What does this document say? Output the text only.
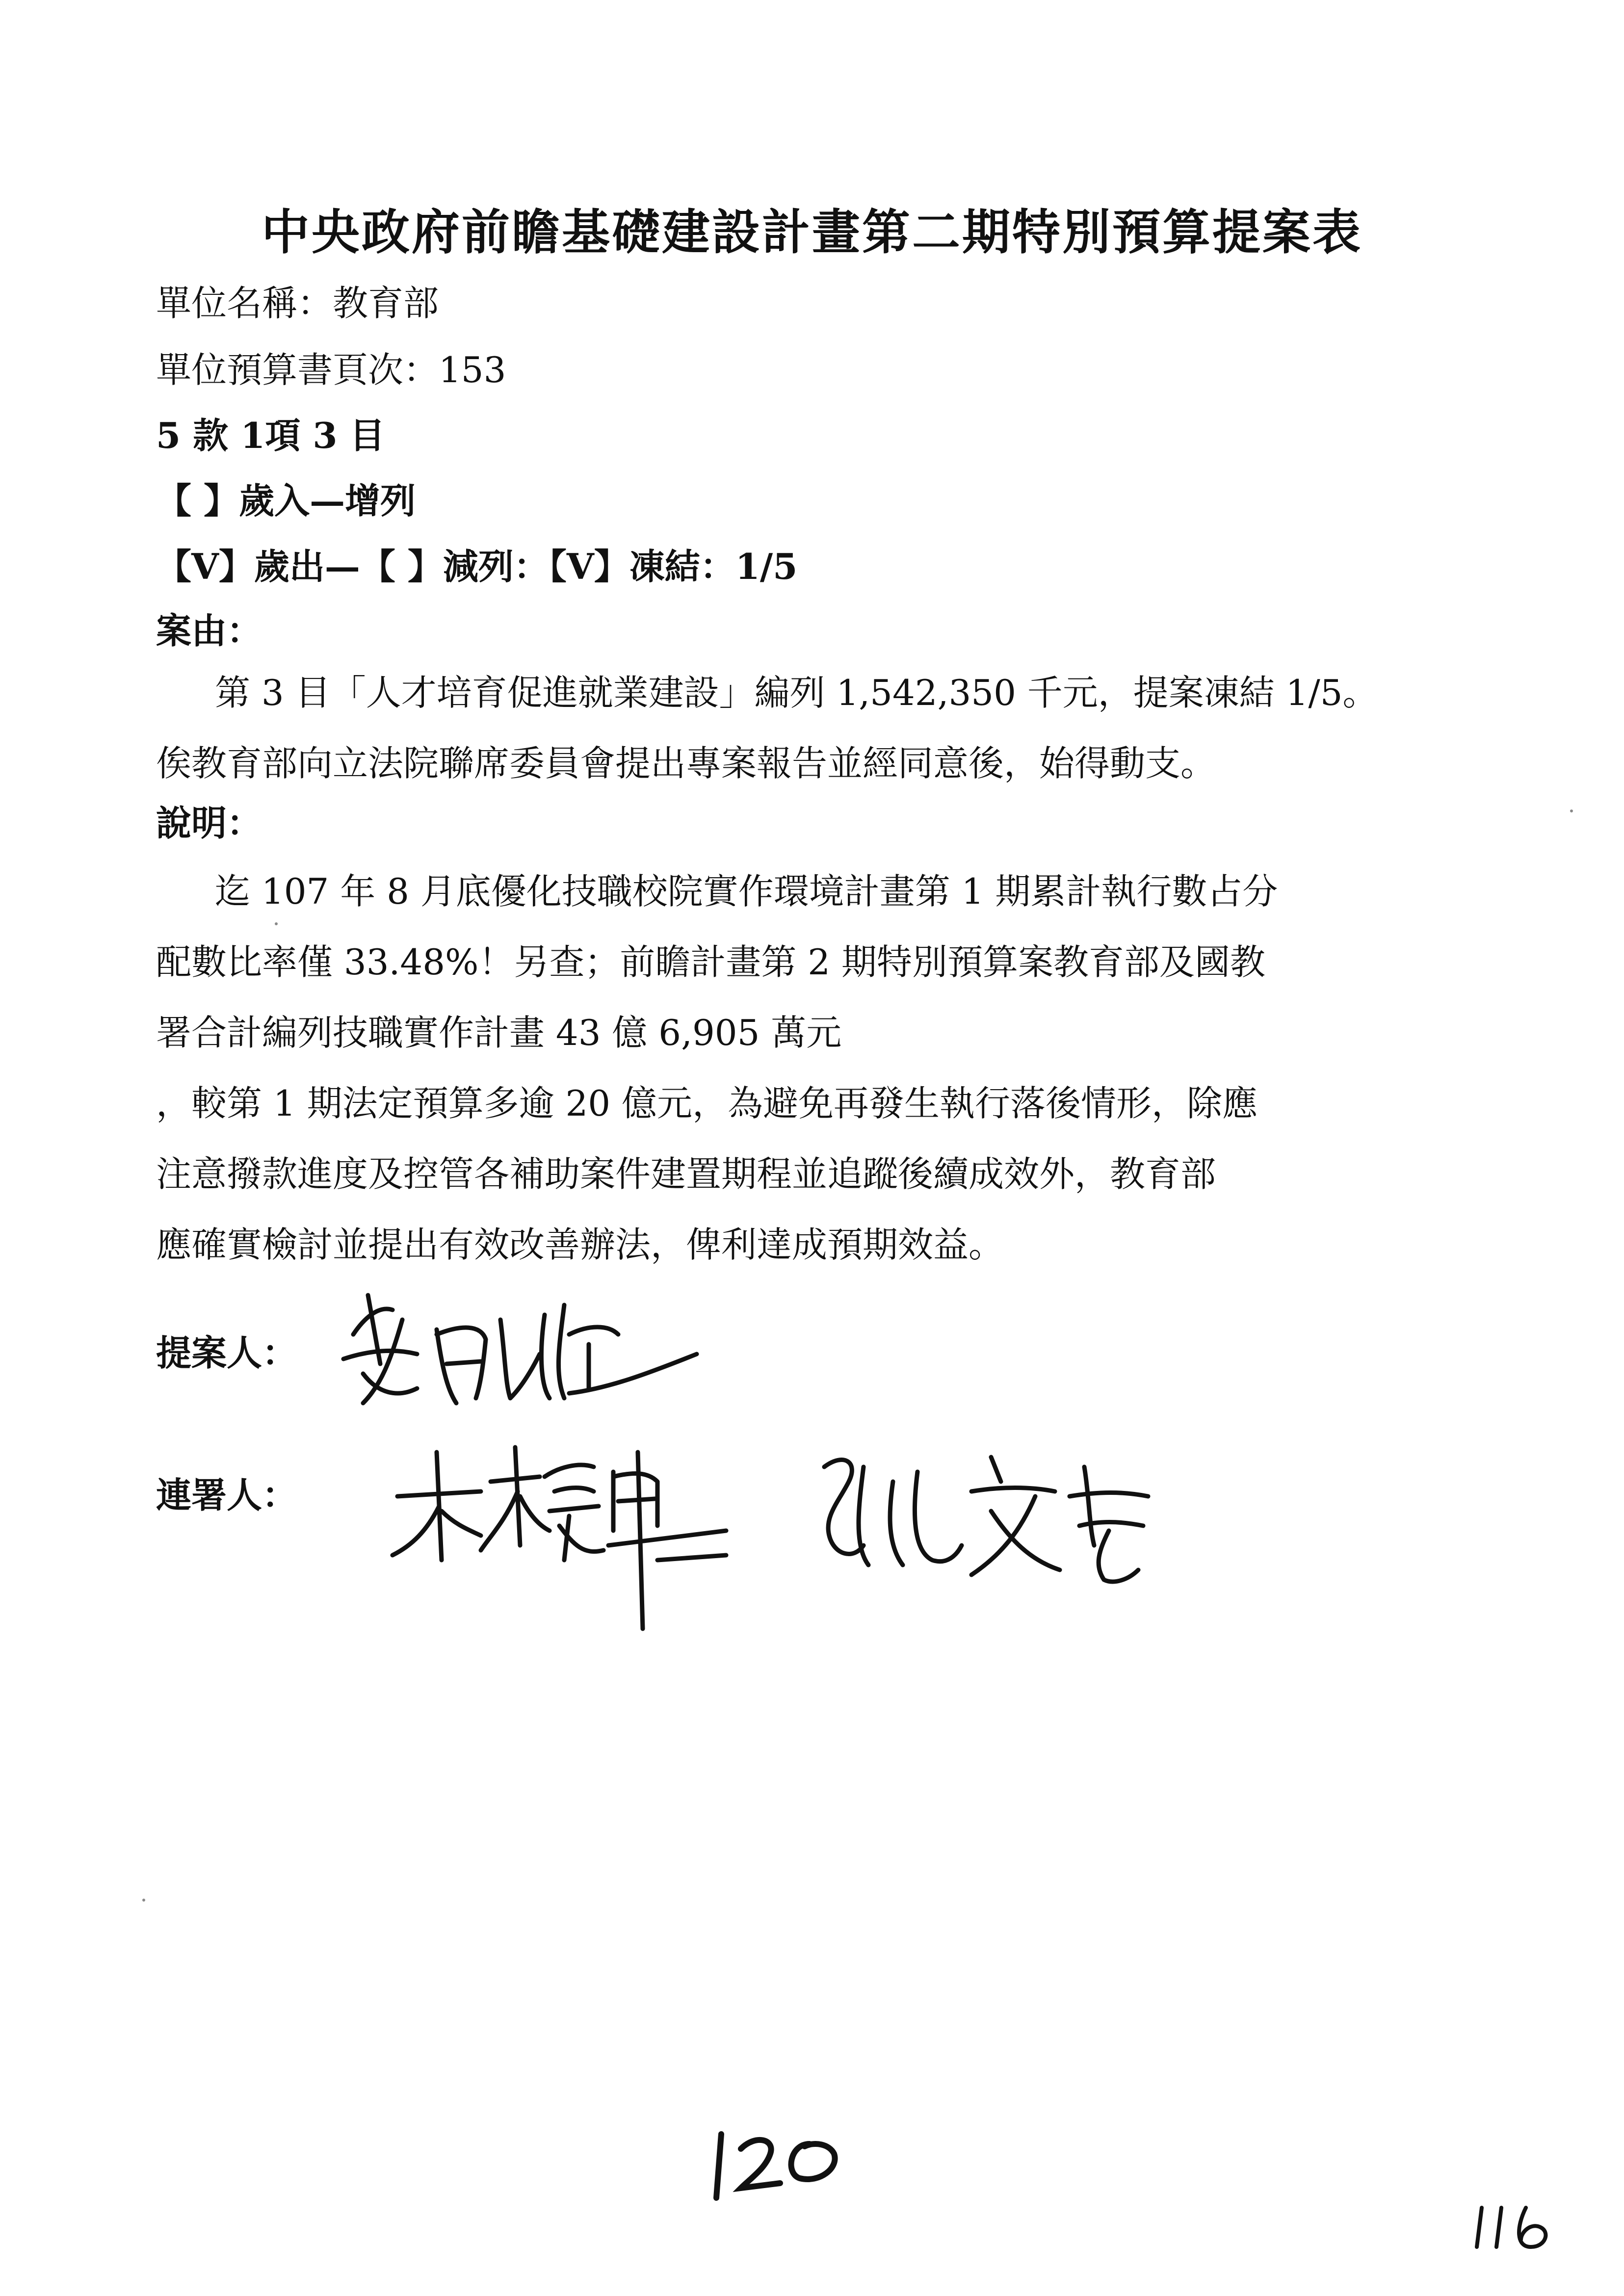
中央政府前瞻基礎建設計畫第二期特別預算提案表
單位名稱：教育部
單位預算書頁次：153
5 款 1項 3 目
【 】歲入—增列
【V】歲出—【 】減列：【V】凍結：1/5
案由：
第 3 目「人才培育促進就業建設」編列 1,542,350 千元，提案凍結 1/5。
俟教育部向立法院聯席委員會提出專案報告並經同意後，始得動支。
說明：
迄 107 年 8 月底優化技職校院實作環境計畫第 1 期累計執行數占分
配數比率僅 33.48%！另查；前瞻計畫第 2 期特別預算案教育部及國教
署合計編列技職實作計畫 43 億 6,905 萬元
，較第 1 期法定預算多逾 20 億元，為避免再發生執行落後情形，除應
注意撥款進度及控管各補助案件建置期程並追蹤後續成效外，教育部
應確實檢討並提出有效改善辦法，俾利達成預期效益。
提案人：
連署人：
